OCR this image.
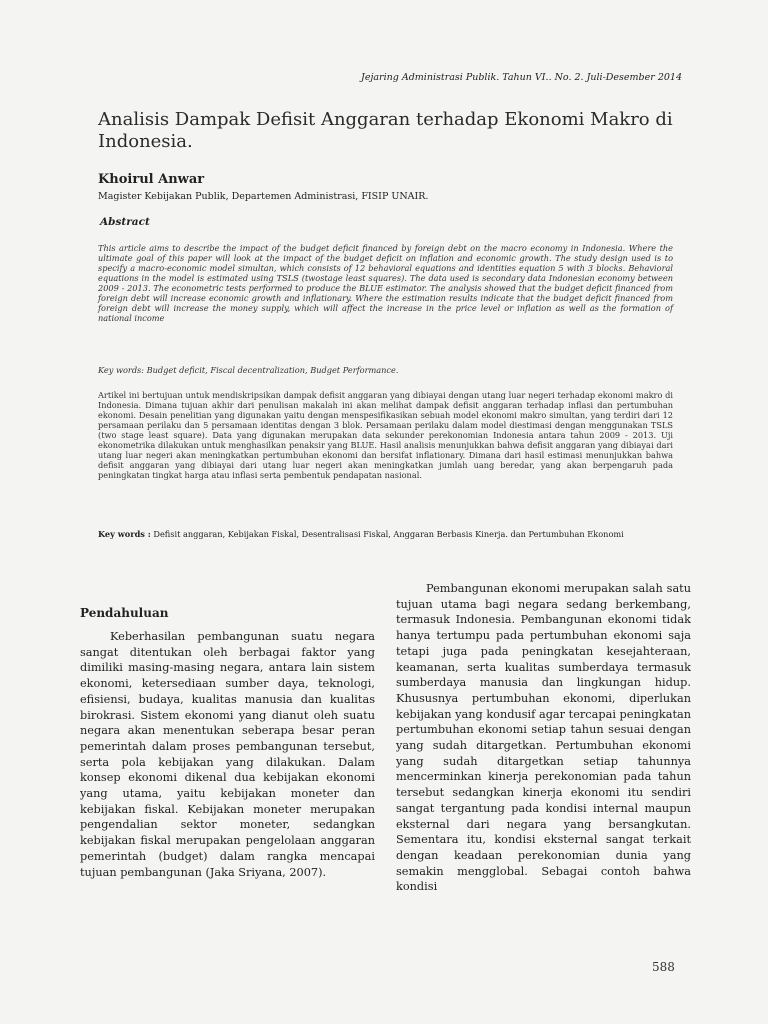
Jejaring Administrasi Publik. Tahun VI.. No. 2. Juli-Desember 2014
Analisis Dampak Defisit Anggaran terhadap Ekonomi Makro di Indonesia.
Khoirul Anwar
Magister Kebijakan Publik, Departemen Administrasi, FISIP UNAIR.
Abstract
This article aims to describe the impact of the budget deficit financed by foreign debt on the macro economy in Indonesia. Where the ultimate goal of this paper will look at the impact of the budget deficit on inflation and economic growth. The study design used is to specify a macro-economic model simultan, which consists of 12 behavioral equations and identities equation 5 with 3 blocks. Behavioral equations in the model is estimated using TSLS (twostage least squares). The data used is secondary data Indonesian economy between 2009 - 2013. The econometric tests performed to produce the BLUE estimator. The analysis showed that the budget deficit financed from foreign debt will increase economic growth and inflationary. Where the estimation results indicate that the budget deficit financed from foreign debt will increase the money supply, which will affect the increase in the price level or inflation as well as the formation of national income
Key words: Budget deficit, Fiscal decentralization, Budget Performance.
Artikel ini bertujuan untuk mendiskripsikan dampak defisit anggaran yang dibiayai dengan utang luar negeri terhadap ekonomi makro di Indonesia. Dimana tujuan akhir dari penulisan makalah ini akan melihat dampak defisit anggaran terhadap inflasi dan pertumbuhan ekonomi. Desain penelitian yang digunakan yaitu dengan menspesifikasikan sebuah model ekonomi makro simultan, yang terdiri dari 12 persamaan perilaku dan 5 persamaan identitas dengan 3 blok. Persamaan perilaku dalam model diestimasi dengan menggunakan TSLS (two stage least square). Data yang digunakan merupakan data sekunder perekonomian Indonesia antara tahun 2009 - 2013. Uji ekonometrika dilakukan untuk menghasilkan penaksir yang BLUE. Hasil analisis menunjukkan bahwa defisit anggaran yang dibiayai dari utang luar negeri akan meningkatkan pertumbuhan ekonomi dan bersifat inflationary. Dimana dari hasil estimasi menunjukkan bahwa defisit anggaran yang dibiayai dari utang luar negeri akan meningkatkan jumlah uang beredar, yang akan berpengaruh pada peningkatan tingkat harga atau inflasi serta pembentuk pendapatan nasional.
Key words : Defisit anggaran, Kebijakan Fiskal, Desentralisasi Fiskal, Anggaran Berbasis Kinerja. dan Pertumbuhan Ekonomi
Pendahuluan

Keberhasilan pembangunan suatu negara sangat ditentukan oleh berbagai faktor yang dimiliki masing-masing negara, antara lain sistem ekonomi, ketersediaan sumber daya, teknologi, efisiensi, budaya, kualitas manusia dan kualitas birokrasi. Sistem ekonomi yang dianut oleh suatu negara akan menentukan seberapa besar peran pemerintah dalam proses pembangunan tersebut, serta pola kebijakan yang dilakukan. Dalam konsep ekonomi dikenal dua kebijakan ekonomi yang utama, yaitu kebijakan moneter dan kebijakan fiskal. Kebijakan moneter merupakan pengendalian sektor moneter, sedangkan kebijakan fiskal merupakan pengelolaan anggaran pemerintah (budget) dalam rangka mencapai tujuan pembangunan (Jaka Sriyana, 2007).

Pembangunan ekonomi merupakan salah satu tujuan utama bagi negara sedang berkembang, termasuk Indonesia. Pembangunan ekonomi tidak hanya tertumpu pada pertumbuhan ekonomi saja tetapi juga pada peningkatan kesejahteraan, keamanan, serta kualitas sumberdaya termasuk sumberdaya manusia dan lingkungan hidup. Khususnya pertumbuhan ekonomi, diperlukan kebijakan yang kondusif agar tercapai peningkatan pertumbuhan ekonomi setiap tahun sesuai dengan yang sudah ditargetkan. Pertumbuhan ekonomi yang sudah ditargetkan setiap tahunnya mencerminkan kinerja perekonomian pada tahun tersebut sedangkan kinerja ekonomi itu sendiri sangat tergantung pada kondisi internal maupun eksternal dari negara yang bersangkutan. Sementara itu, kondisi eksternal sangat terkait dengan keadaan perekonomian dunia yang semakin mengglobal. Sebagai contoh bahwa kondisi

588
